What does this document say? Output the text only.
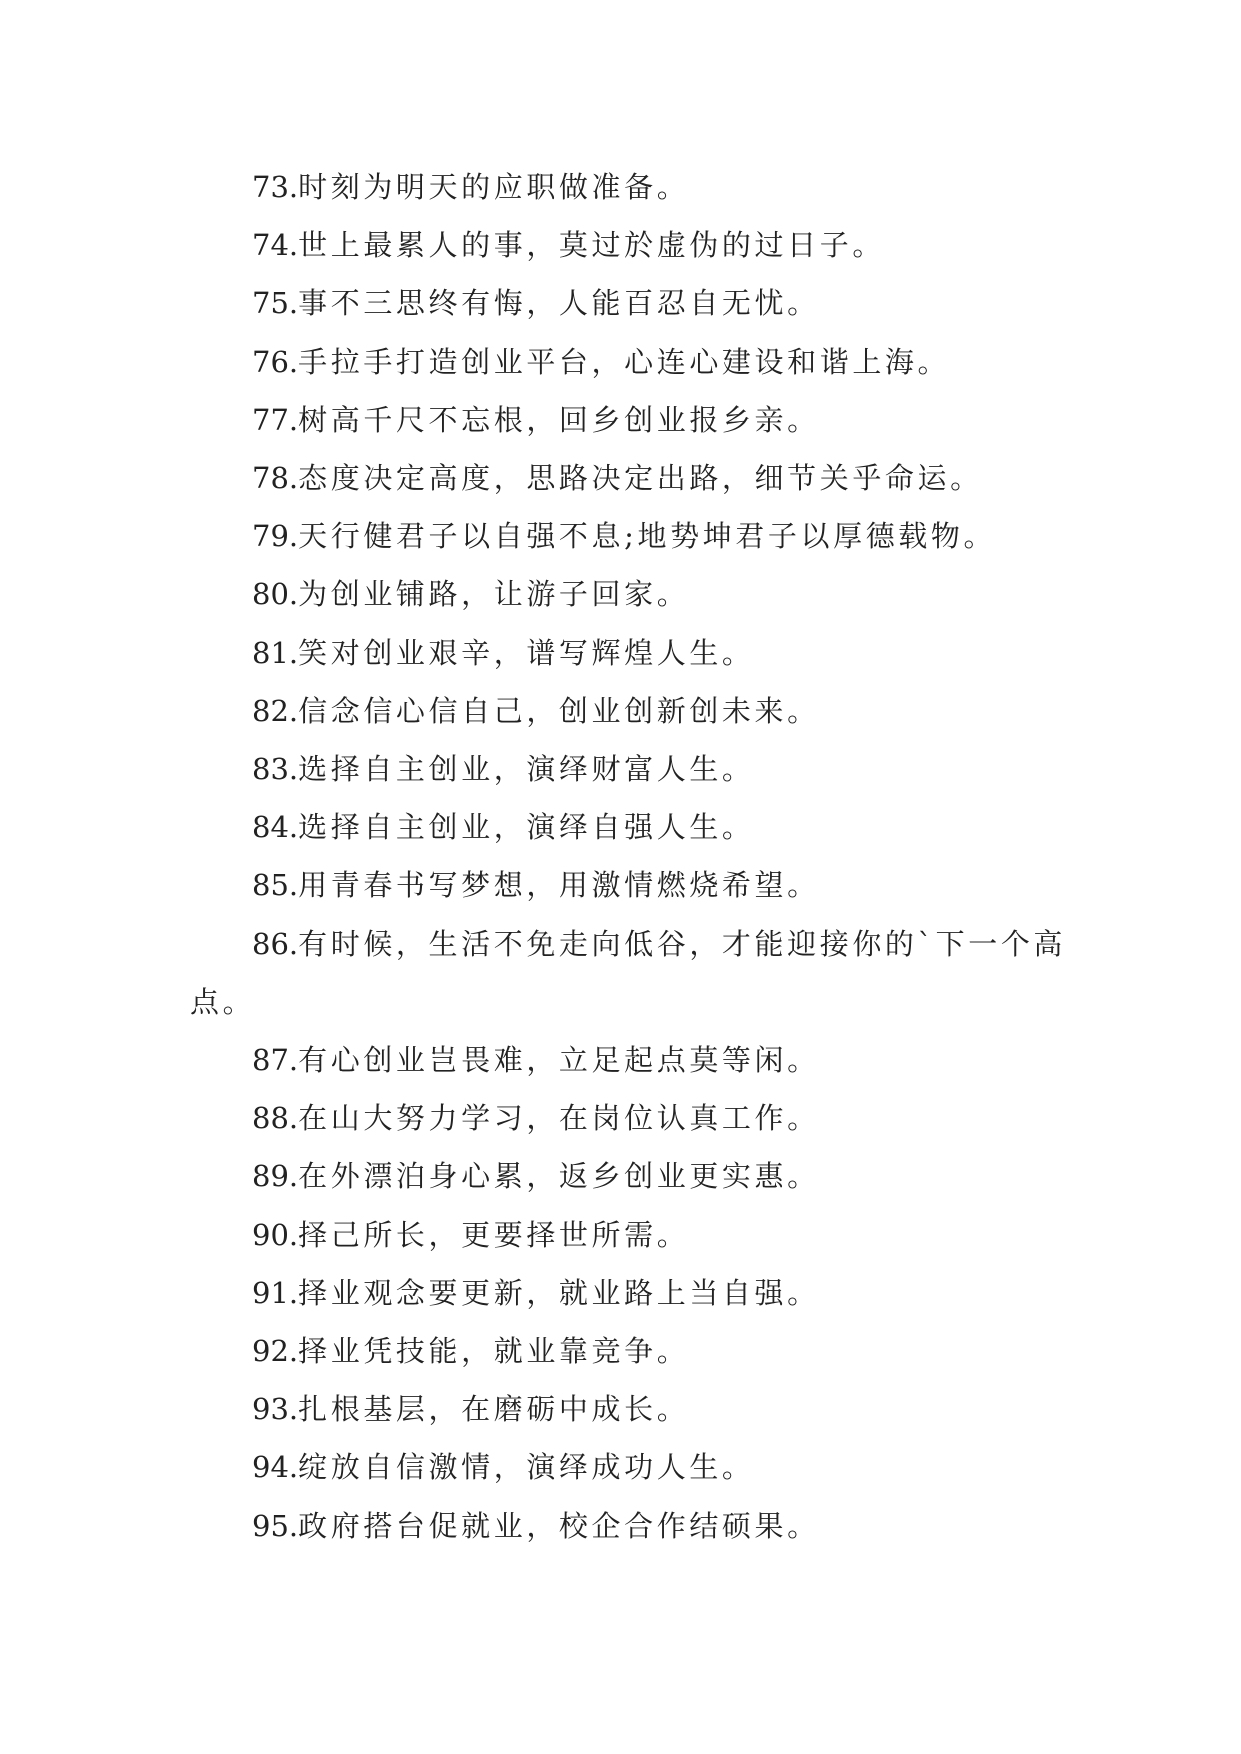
73.时刻为明天的应职做准备。

74.世上最累人的事，莫过於虚伪的过日子。

75.事不三思终有悔，人能百忍自无忧。

76.手拉手打造创业平台，心连心建设和谐上海。

77.树高千尺不忘根，回乡创业报乡亲。

78.态度决定高度，思路决定出路，细节关乎命运。

79.天行健君子以自强不息;地势坤君子以厚德载物。

80.为创业铺路，让游子回家。

81.笑对创业艰辛，谱写辉煌人生。

82.信念信心信自己，创业创新创未来。

83.选择自主创业，演绎财富人生。

84.选择自主创业，演绎自强人生。

85.用青春书写梦想，用激情燃烧希望。

86.有时候，生活不免走向低谷，才能迎接你的`下一个高点。

87.有心创业岂畏难，立足起点莫等闲。

88.在山大努力学习，在岗位认真工作。

89.在外漂泊身心累，返乡创业更实惠。

90.择己所长，更要择世所需。

91.择业观念要更新，就业路上当自强。

92.择业凭技能，就业靠竞争。

93.扎根基层，在磨砺中成长。

94.绽放自信激情，演绎成功人生。

95.政府搭台促就业，校企合作结硕果。
